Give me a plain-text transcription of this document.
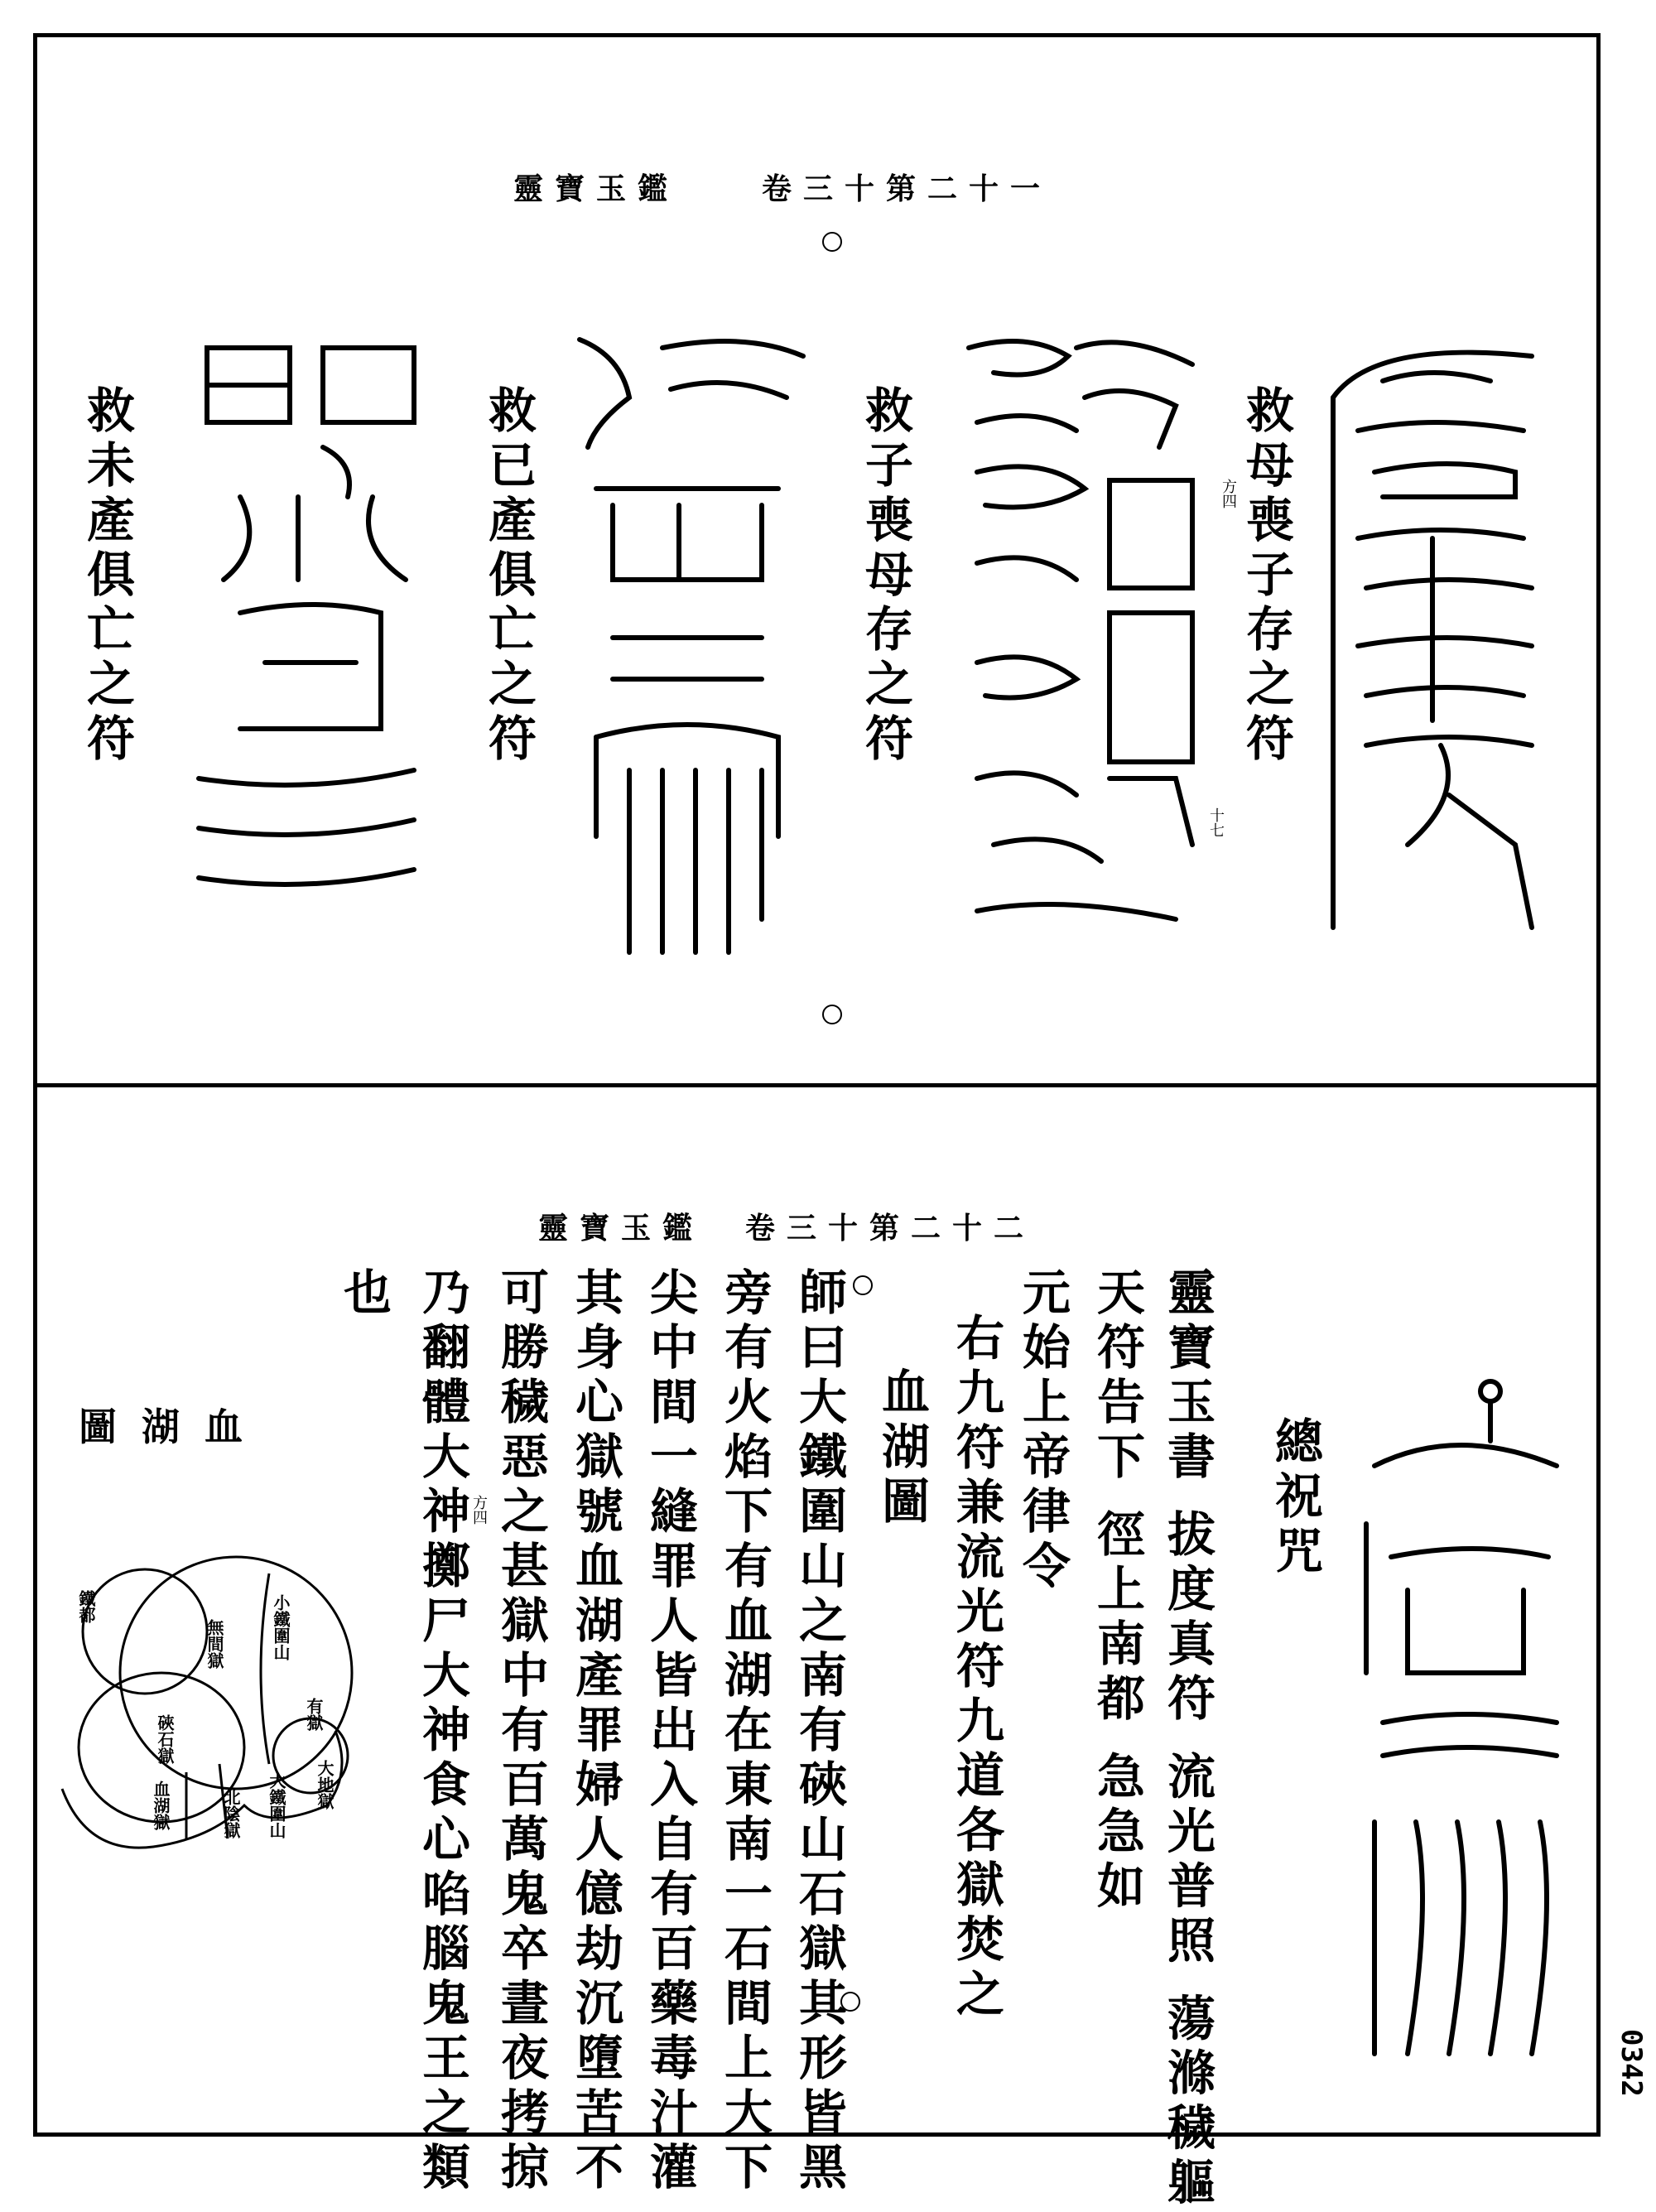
靈寶玉鑑　　卷三十第二十一
救母喪子存之符
方四
十七
救子喪母存之符
救已產俱亡之符
救未產俱亡之符
靈寶玉鑑　卷三十第二十二
總祝咒
靈寶玉書 拔度真符 流光普照 蕩滌穢軀
天符告下 徑上南都 急急如
元始上帝律令
右九符兼流光符九道各獄焚之
血湖圖
師曰大鐵圍山之南有硤山石獄其形皆黑
旁有火焰下有血湖在東南一石間上大下
尖中間一縫罪人皆出入自有百藥毒汁灌
其身心獄號血湖產罪婦人億劫沉墮苦不
可勝穢惡之甚獄中有百萬鬼卒晝夜拷掠
乃翻體大神擲尸大神食心啗腦鬼王之類
也
方四
血湖圖
鐵都
無間獄	小鐵圍山
硤石獄	有獄
血湖獄	北陰獄 大鐵圍山 大地獄
0342
